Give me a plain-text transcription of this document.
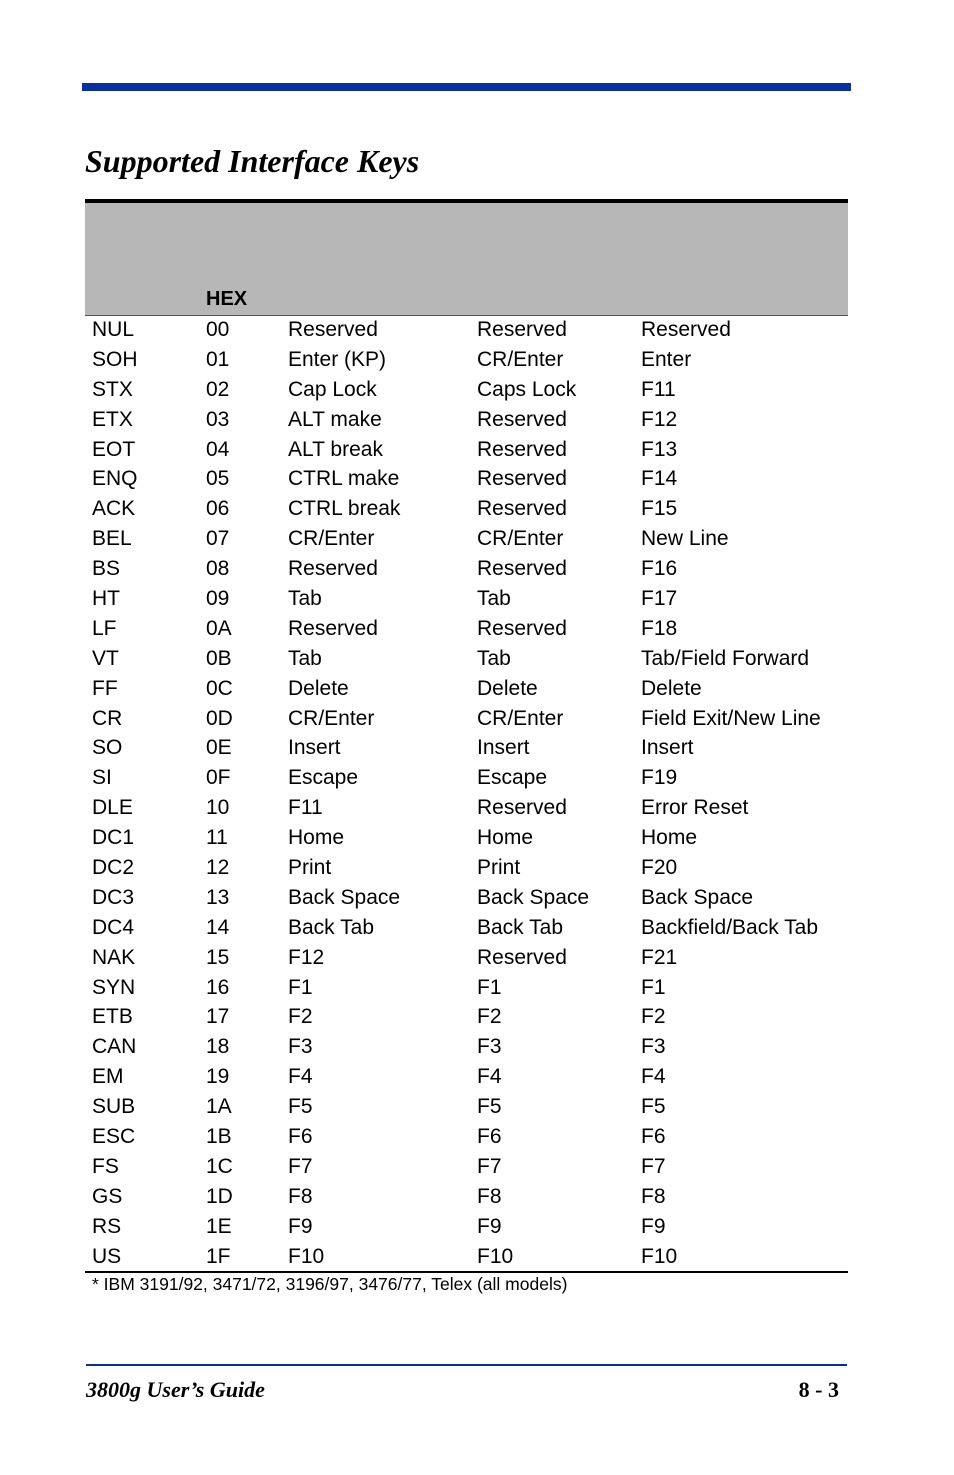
Supported Interface Keys
HEX
NUL	00	Reserved	Reserved	Reserved
SOH	01	Enter (KP)	CR/Enter	Enter
STX	02	Cap Lock	Caps Lock	F11
ETX	03	ALT make	Reserved	F12
EOT	04	ALT break	Reserved	F13
ENQ	05	CTRL make	Reserved	F14
ACK	06	CTRL break	Reserved	F15
BEL	07	CR/Enter	CR/Enter	New Line
BS	08	Reserved	Reserved	F16
HT	09	Tab	Tab	F17
LF	0A	Reserved	Reserved	F18
VT	0B	Tab	Tab	Tab/Field Forward
FF	0C	Delete	Delete	Delete
CR	0D	CR/Enter	CR/Enter	Field Exit/New Line
SO	0E	Insert	Insert	Insert
SI	0F	Escape	Escape	F19
DLE	10	F11	Reserved	Error Reset
DC1	11	Home	Home	Home
DC2	12	Print	Print	F20
DC3	13	Back Space	Back Space	Back Space
DC4	14	Back Tab	Back Tab	Backfield/Back Tab
NAK	15	F12	Reserved	F21
SYN	16	F1	F1	F1
ETB	17	F2	F2	F2
CAN	18	F3	F3	F3
EM	19	F4	F4	F4
SUB	1A	F5	F5	F5
ESC	1B	F6	F6	F6
FS	1C	F7	F7	F7
GS	1D	F8	F8	F8
RS	1E	F9	F9	F9
US	1F	F10	F10	F10
* IBM 3191/92, 3471/72, 3196/97, 3476/77, Telex (all models)
3800g User’s Guide	8 - 3
